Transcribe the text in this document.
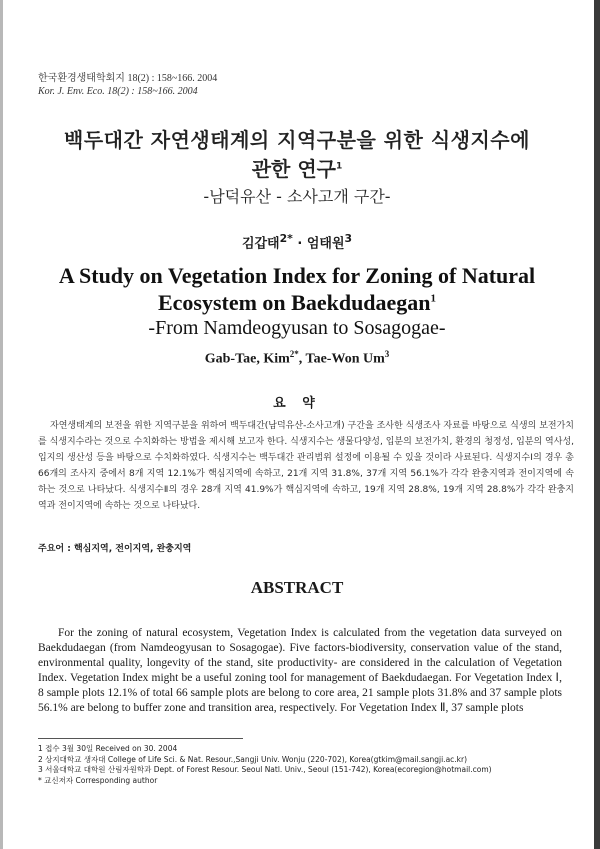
한국환경생태학회지 18(2) : 158~166. 2004
Kor. J. Env. Eco. 18(2) : 158~166. 2004
백두대간 자연생태계의 지역구분을 위한 식생지수에
관한 연구$^1$
-남덕유산 - 소사고개 구간-
김갑태$^{2*}$ · 엄태원$^3$
A Study on Vegetation Index for Zoning of Natural
Ecosystem on Baekdudaegan$^1$
-From Namdeogyusan to Sosagogae-
Gab-Tae, Kim$^{2*}$, Tae-Won Um$^3$
요 약
자연생태계의 보전을 위한 지역구분을 위하여 백두대간(남덕유산-소사고개) 구간을 조사한 식생조사 자료를 바탕으로 식생의 보전가치를 식생지수라는 것으로 수치화하는 방법을 제시해 보고자 한다. 식생지수는 생물다양성, 입분의 보전가치, 환경의 청정성, 입분의 역사성, 입지의 생산성 등을 바탕으로 수치화하였다. 식생지수는 백두대간 관리범위 설정에 이용될 수 있을 것이라 사료된다. 식생지수Ⅰ의 경우 총 66개의 조사지 중에서 8개 지역 12.1%가 핵심지역에 속하고, 21개 지역 31.8%, 37개 지역 56.1%가 각각 완충지역과 전이지역에 속하는 것으로 나타났다. 식생지수Ⅱ의 경우 28개 지역 41.9%가 핵심지역에 속하고, 19개 지역 28.8%, 19개 지역 28.8%가 각각 완충지역과 전이지역에 속하는 것으로 나타났다.
주요어 : 핵심지역, 전이지역, 완충지역
ABSTRACT

For the zoning of natural ecosystem, Vegetation Index is calculated from the vegetation data surveyed on Baekdudaegan (from Namdeogyusan to Sosagogae). Five factors-biodiversity, conservation value of the stand, environmental quality, longevity of the stand, site productivity- are considered in the calculation of Vegetation Index. Vegetation Index might be a useful zoning tool for management of Baekdudaegan. For Vegetation Index Ⅰ, 8 sample plots 12.1% of total 66 sample plots are belong to core area, 21 sample plots 31.8% and 37 sample plots 56.1% are belong to buffer zone and transition area, respectively. For Vegetation Index Ⅱ, 37 sample plots

1 접수 3월 30일 Received on 30. 2004
2 상지대학교 생자대 College of Life Sci. & Nat. Resour.,Sangji Univ. Wonju (220-702), Korea(gtkim@mail.sangji.ac.kr)
3 서울대학교 대학원 산림자원학과 Dept. of Forest Resour. Seoul Natl. Univ., Seoul (151-742), Korea(ecoregion@hotmail.com)
* 교신저자 Corresponding author
